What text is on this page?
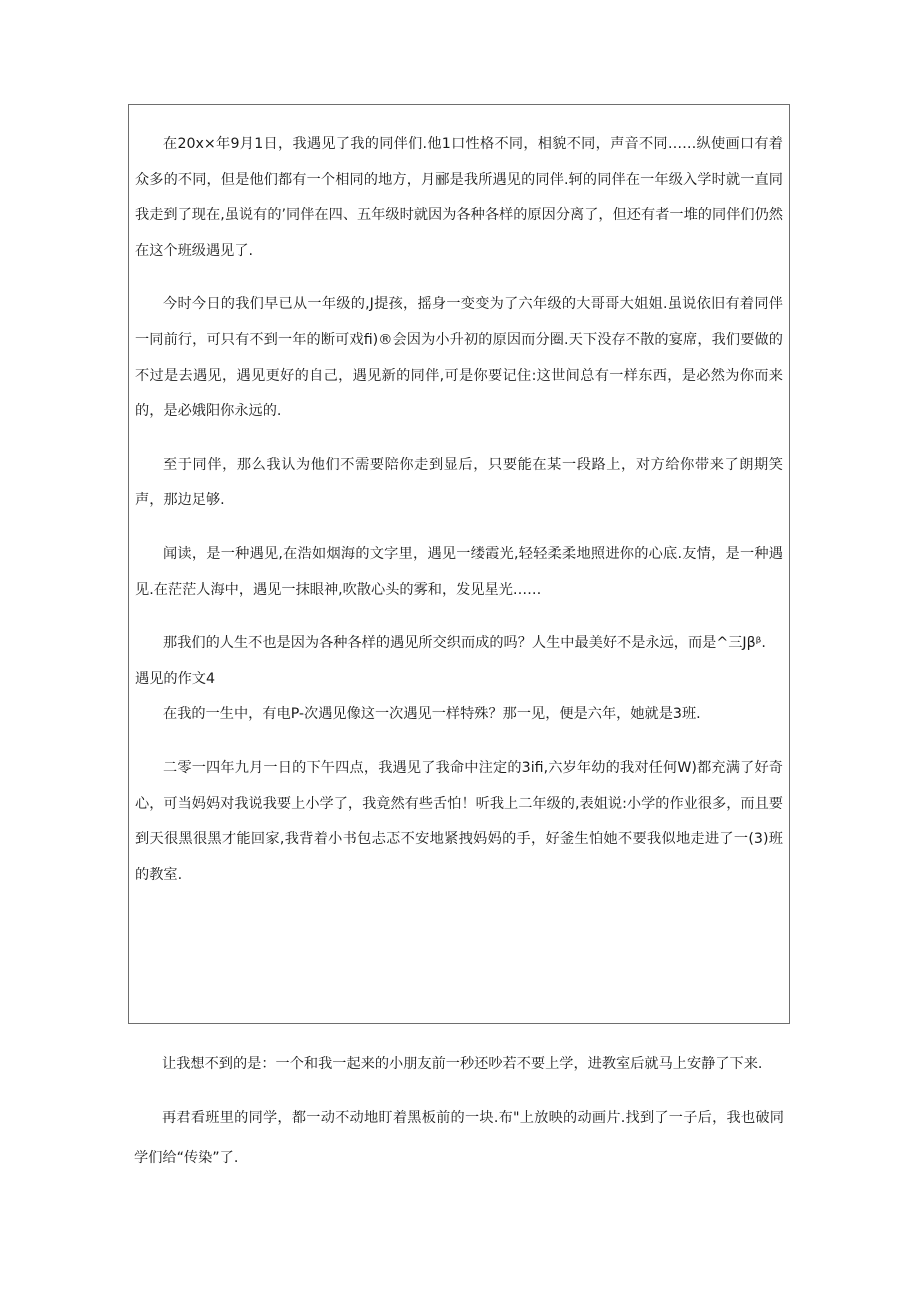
在20x×年9月1日，我遇见了我的同伴们.他1口性格不同，相貌不同，声音不同……纵使画口有着众多的不同，但是他们都有一个相同的地方，月郦是我所遇见的同伴.轲的同伴在一年级入学时就一直同我走到了现在,虽说有的’同伴在四、五年级时就因为各种各样的原因分离了，但还有者一堆的同伴们仍然在这个班级遇见了.

今时今日的我们早已从一年级的,J提孩，摇身一变变为了六年级的大哥哥大姐姐.虽说依旧有着同伴一同前行，可只有不到一年的断可戏fi)®会因为小升初的原因而分圈.天下没存不散的宴席，我们要做的不过是去遇见，遇见更好的自己，遇见新的同伴,可是你要记住:这世间总有一样东西，是必然为你而来的，是必娥阳你永远的.

至于同伴，那么我认为他们不需要陪你走到显后，只要能在某一段路上，对方给你带来了朗期笑声，那边足够.

闻读，是一种遇见,在浩如烟海的文字里，遇见一缕霞光,轻轻柔柔地照进你的心底.友情，是一种遇见.在茫茫人海中，遇见一抹眼神,吹散心头的雾和，发见星光……

那我们的人生不也是因为各种各样的遇见所交织而成的吗？人生中最美好不是永远，而是^三Jβᵝ.

遇见的作文4

在我的一生中，有电P-次遇见像这一次遇见一样特殊？那一见，便是六年，她就是3班.

二零一四年九月一日的下午四点，我遇见了我命中注定的3ifi,六岁年幼的我对任何W)都充满了好奇心，可当妈妈对我说我要上小学了，我竟然有些舌怕！听我上二年级的,表姐说:小学的作业很多，而且要到天很黑很黑才能回家,我背着小书包忐忑不安地紧拽妈妈的手，好釜生怕她不要我似地走进了一(3)班的教室.

让我想不到的是：一个和我一起来的小朋友前一秒还吵若不要上学，进教室后就马上安静了下来.

再君看班里的同学，都一动不动地盯着黑板前的一块.布"上放映的动画片.找到了一子后，我也破同学们给“传染”了.
